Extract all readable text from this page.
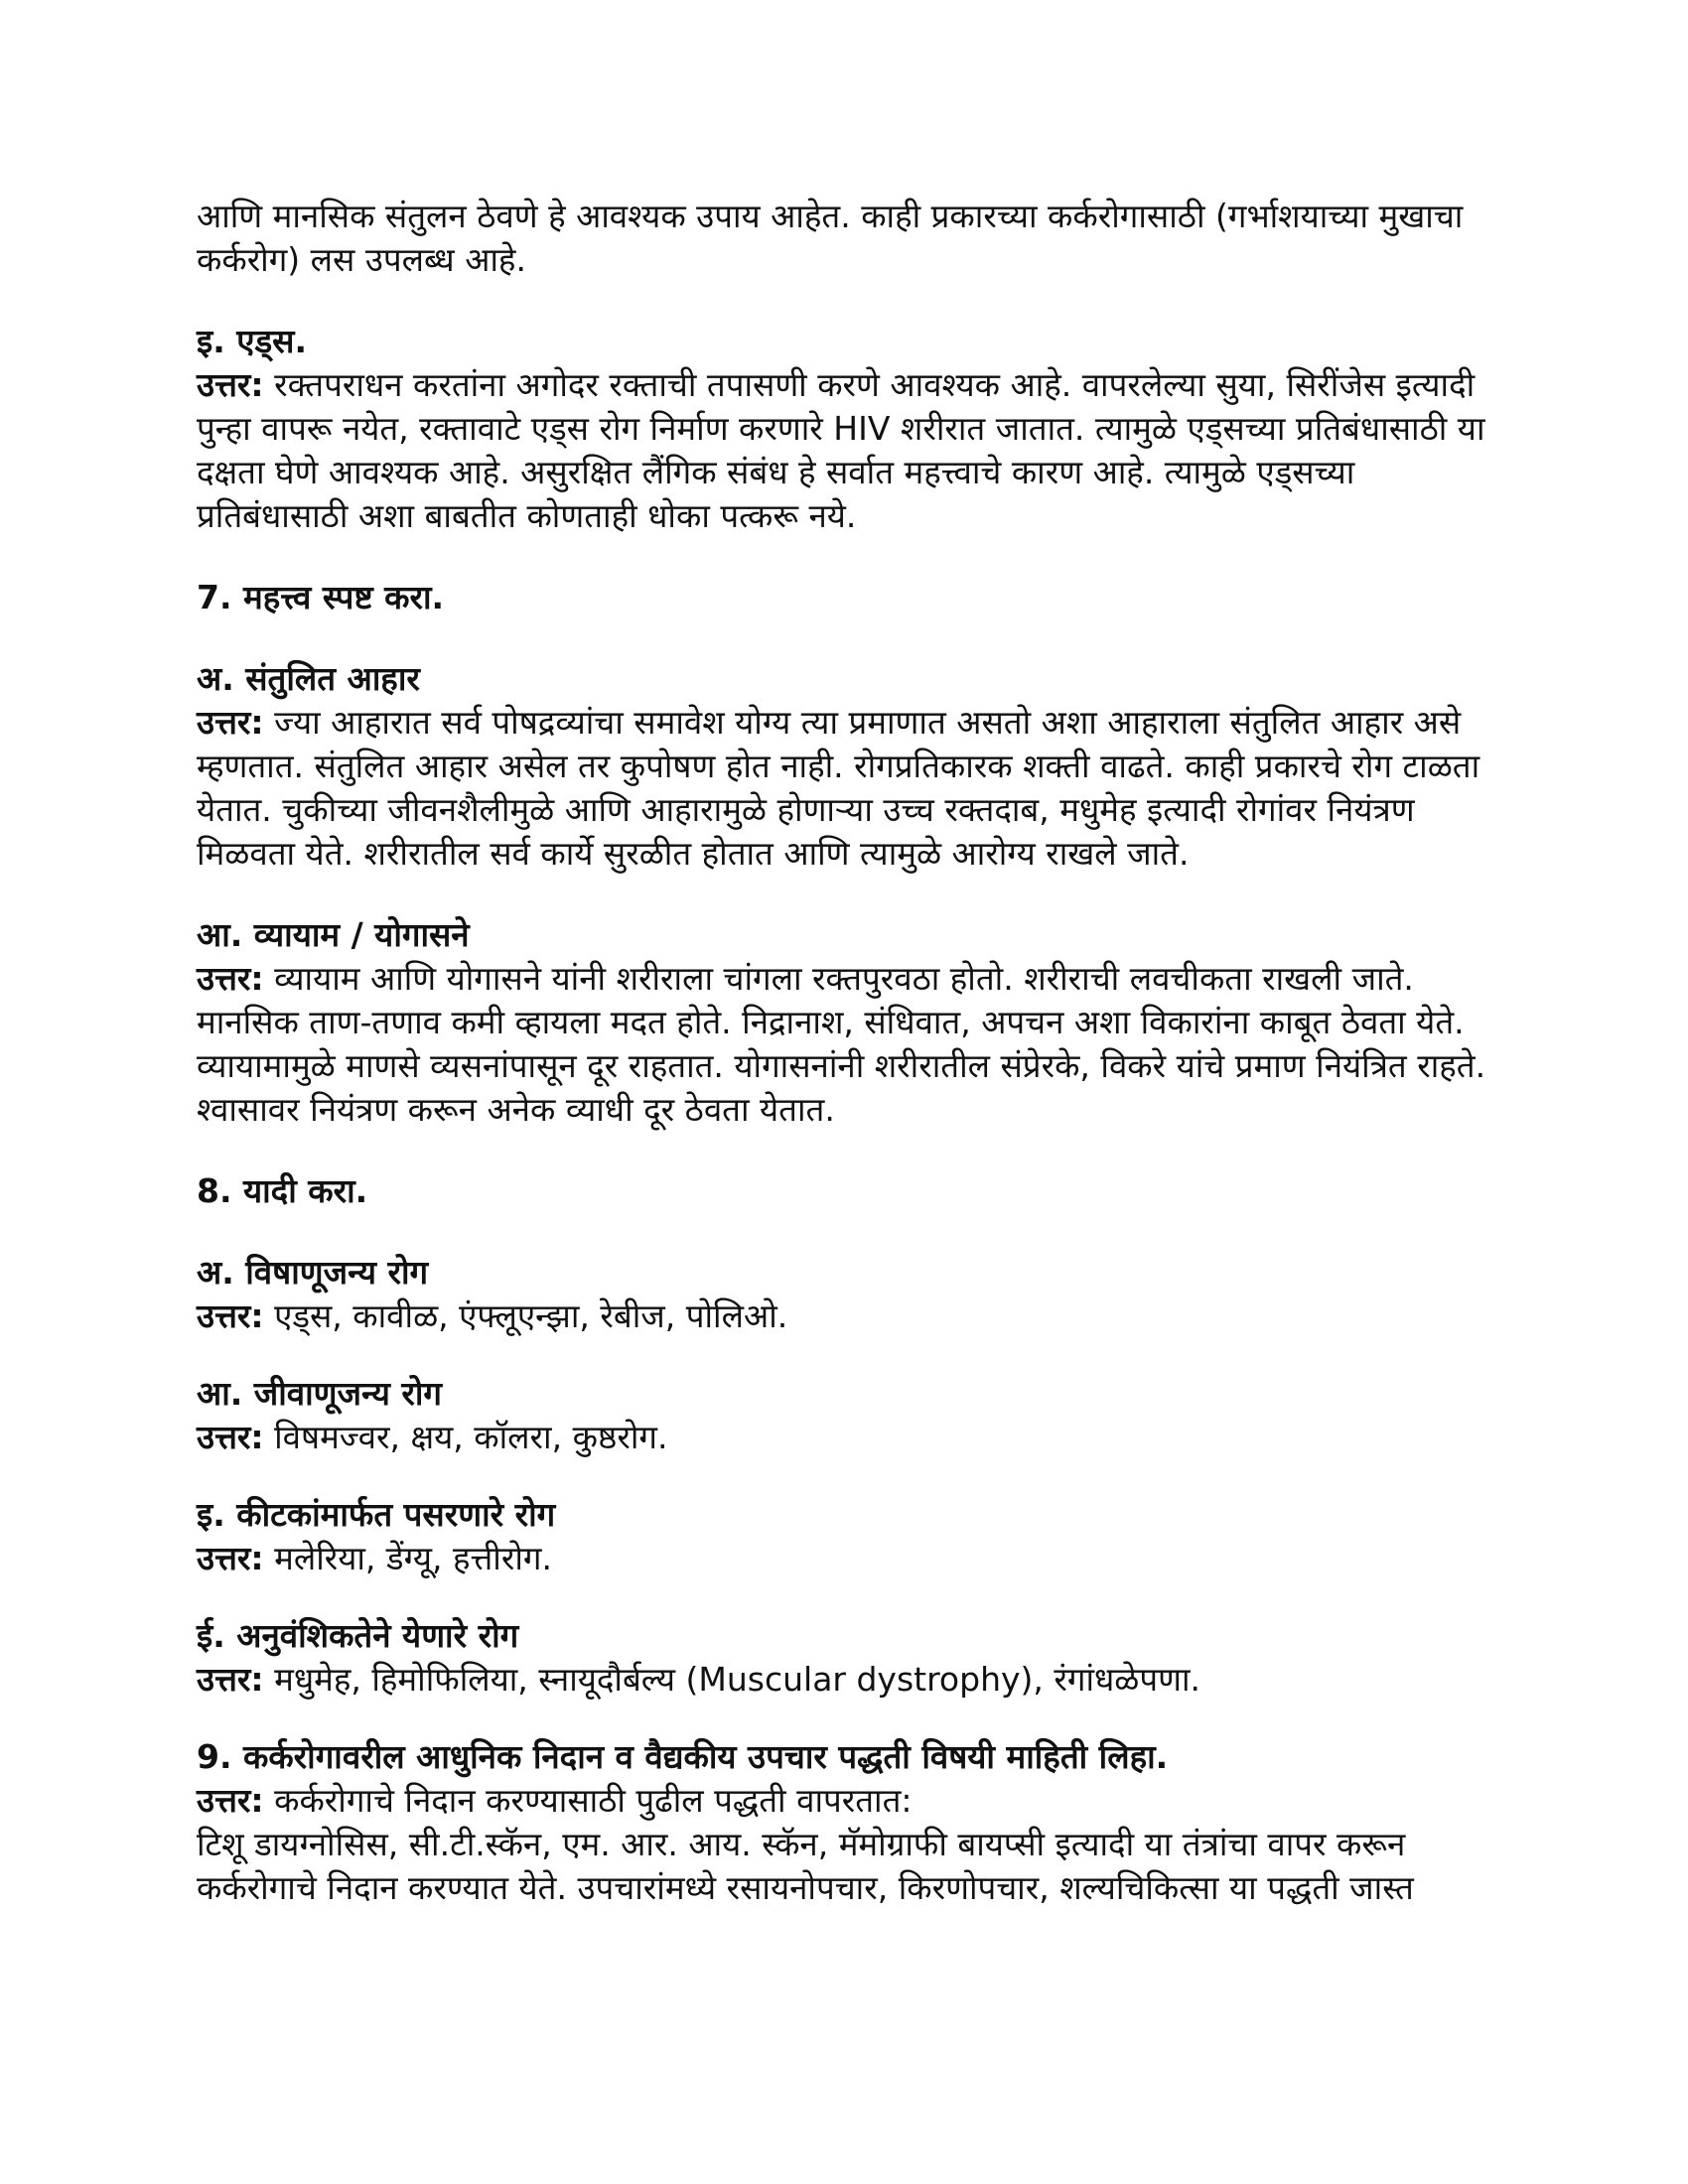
आणि मानसिक संतुलन ठेवणे हे आवश्यक उपाय आहेत. काही प्रकारच्या कर्करोगासाठी (गर्भाशयाच्या मुखाचा कर्करोग) लस उपलब्ध आहे.

इ. एड्स.

उत्तर: रक्तपराधन करतांना अगोदर रक्ताची तपासणी करणे आवश्यक आहे. वापरलेल्या सुया, सिरींजेस इत्यादी पुन्हा वापरू नयेत, रक्तावाटे एड्स रोग निर्माण करणारे HIV शरीरात जातात. त्यामुळे एड्सच्या प्रतिबंधासाठी या दक्षता घेणे आवश्यक आहे. असुरक्षित लैंगिक संबंध हे सर्वात महत्त्वाचे कारण आहे. त्यामुळे एड्सच्या प्रतिबंधासाठी अशा बाबतीत कोणताही धोका पत्करू नये.

7. महत्त्व स्पष्ट करा.
अ. संतुलित आहार

उत्तर: ज्या आहारात सर्व पोषद्रव्यांचा समावेश योग्य त्या प्रमाणात असतो अशा आहाराला संतुलित आहार असे म्हणतात. संतुलित आहार असेल तर कुपोषण होत नाही. रोगप्रतिकारक शक्ती वाढते. काही प्रकारचे रोग टाळता येतात. चुकीच्या जीवनशैलीमुळे आणि आहारामुळे होणाऱ्या उच्च रक्तदाब, मधुमेह इत्यादी रोगांवर नियंत्रण मिळवता येते. शरीरातील सर्व कार्ये सुरळीत होतात आणि त्यामुळे आरोग्य राखले जाते.

आ. व्यायाम / योगासने

उत्तर: व्यायाम आणि योगासने यांनी शरीराला चांगला रक्तपुरवठा होतो. शरीराची लवचीकता राखली जाते. मानसिक ताण-तणाव कमी व्हायला मदत होते. निद्रानाश, संधिवात, अपचन अशा विकारांना काबूत ठेवता येते. व्यायामामुळे माणसे व्यसनांपासून दूर राहतात. योगासनांनी शरीरातील संप्रेरके, विकरे यांचे प्रमाण नियंत्रित राहते. श्वासावर नियंत्रण करून अनेक व्याधी दूर ठेवता येतात.

8. यादी करा.
अ. विषाणूजन्य रोग

उत्तर: एड्स, कावीळ, एंफ्लूएन्झा, रेबीज, पोलिओ.

आ. जीवाणूजन्य रोग

उत्तर: विषमज्वर, क्षय, कॉलरा, कुष्ठरोग.

इ. कीटकांमार्फत पसरणारे रोग

उत्तर: मलेरिया, डेंग्यू, हत्तीरोग.

ई. अनुवंशिकतेने येणारे रोग

उत्तर: मधुमेह, हिमोफिलिया, स्नायूदौर्बल्य (Muscular dystrophy), रंगांधळेपणा.

9. कर्करोगावरील आधुनिक निदान व वैद्यकीय उपचार पद्धती विषयी माहिती लिहा.

उत्तर: कर्करोगाचे निदान करण्यासाठी पुढील पद्धती वापरतात:

टिशू डायग्नोसिस, सी.टी.स्कॅन, एम. आर. आय. स्कॅन, मॅमोग्राफी बायप्सी इत्यादी या तंत्रांचा वापर करून कर्करोगाचे निदान करण्यात येते. उपचारांमध्ये रसायनोपचार, किरणोपचार, शल्यचिकित्सा या पद्धती जास्त
